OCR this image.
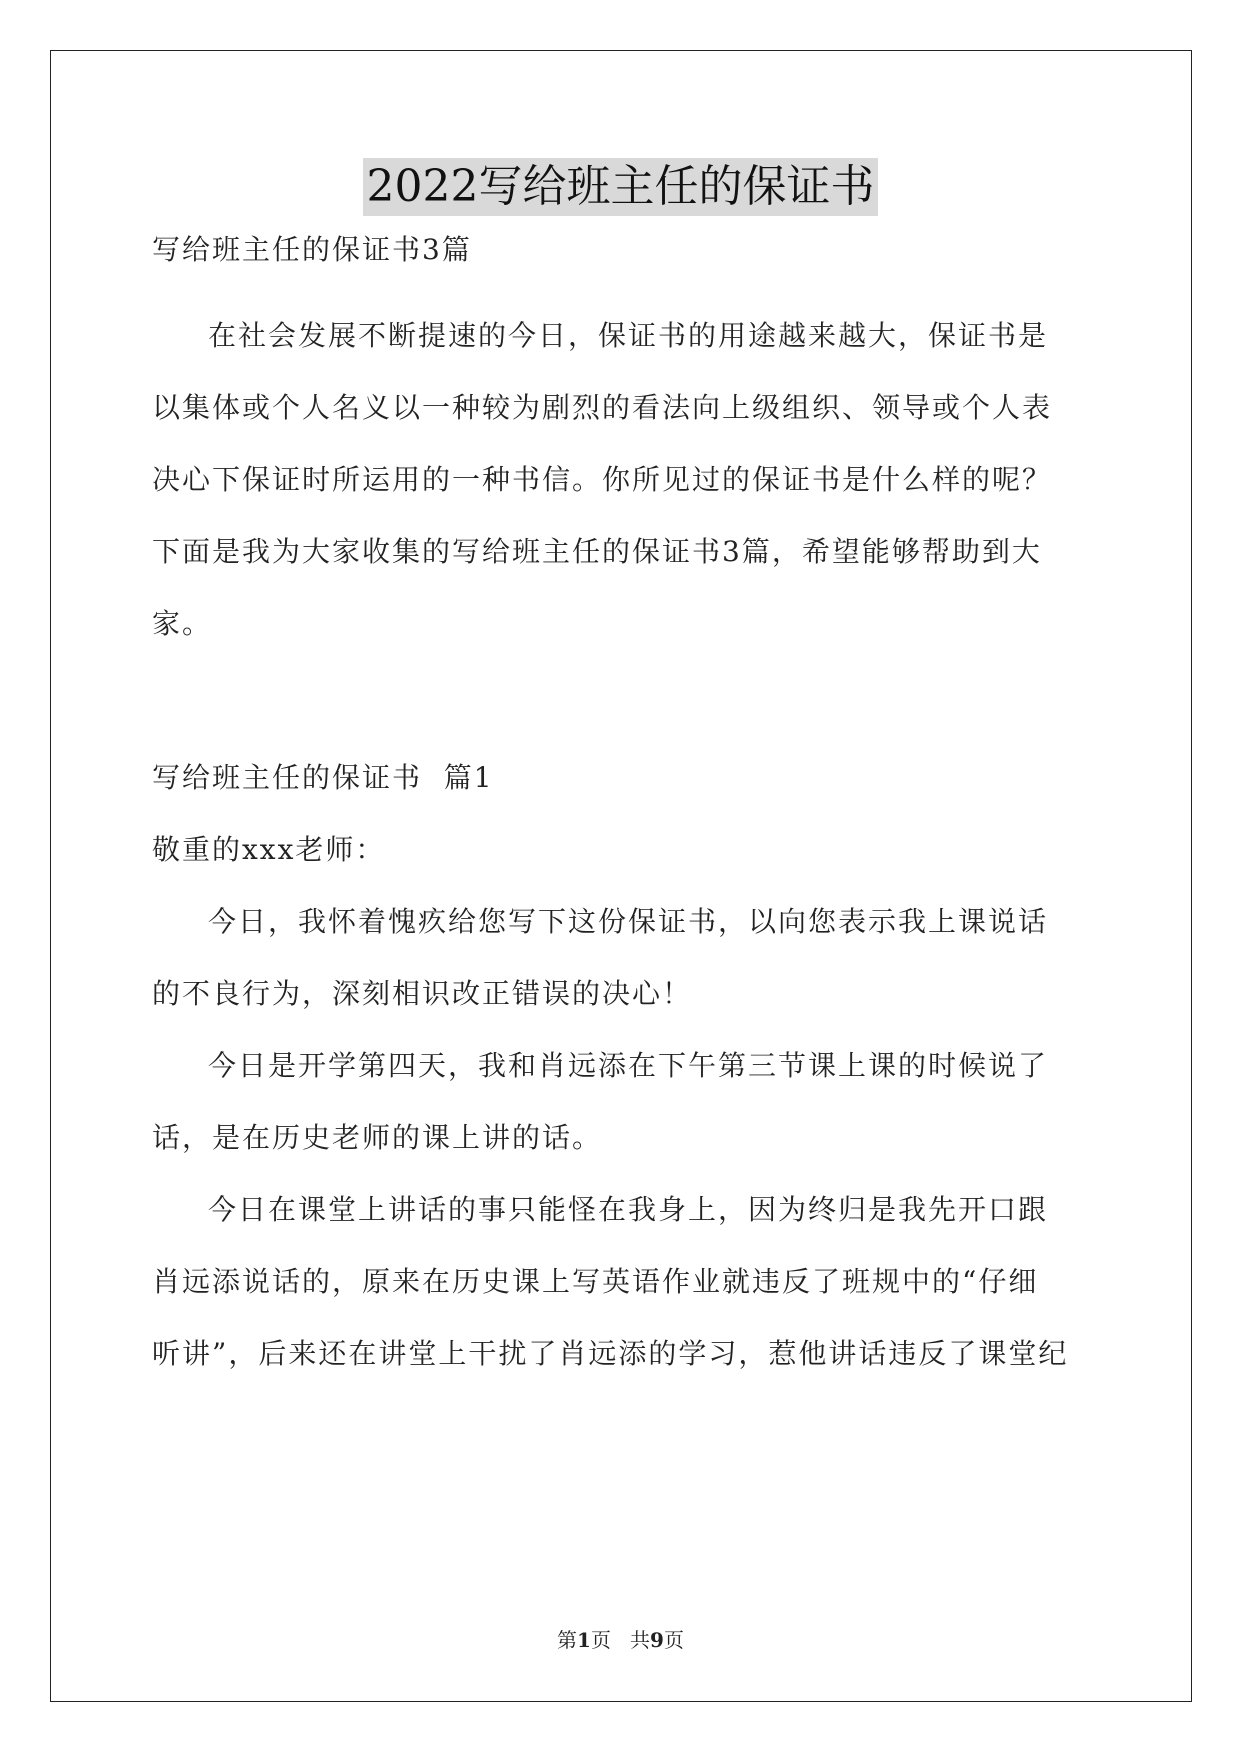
2022写给班主任的保证书
写给班主任的保证书3篇
在社会发展不断提速的今日，保证书的用途越来越大，保证书是
以集体或个人名义以一种较为剧烈的看法向上级组织、领导或个人表
决心下保证时所运用的一种书信。你所见过的保证书是什么样的呢？
下面是我为大家收集的写给班主任的保证书3篇，希望能够帮助到大
家。
写给班主任的保证书  篇1
敬重的xxx老师：
今日，我怀着愧疚给您写下这份保证书，以向您表示我上课说话
的不良行为，深刻相识改正错误的决心！
今日是开学第四天，我和肖远添在下午第三节课上课的时候说了
话，是在历史老师的课上讲的话。
今日在课堂上讲话的事只能怪在我身上，因为终归是我先开口跟
肖远添说话的，原来在历史课上写英语作业就违反了班规中的“仔细
听讲”，后来还在讲堂上干扰了肖远添的学习，惹他讲话违反了课堂纪
第1页   共9页
